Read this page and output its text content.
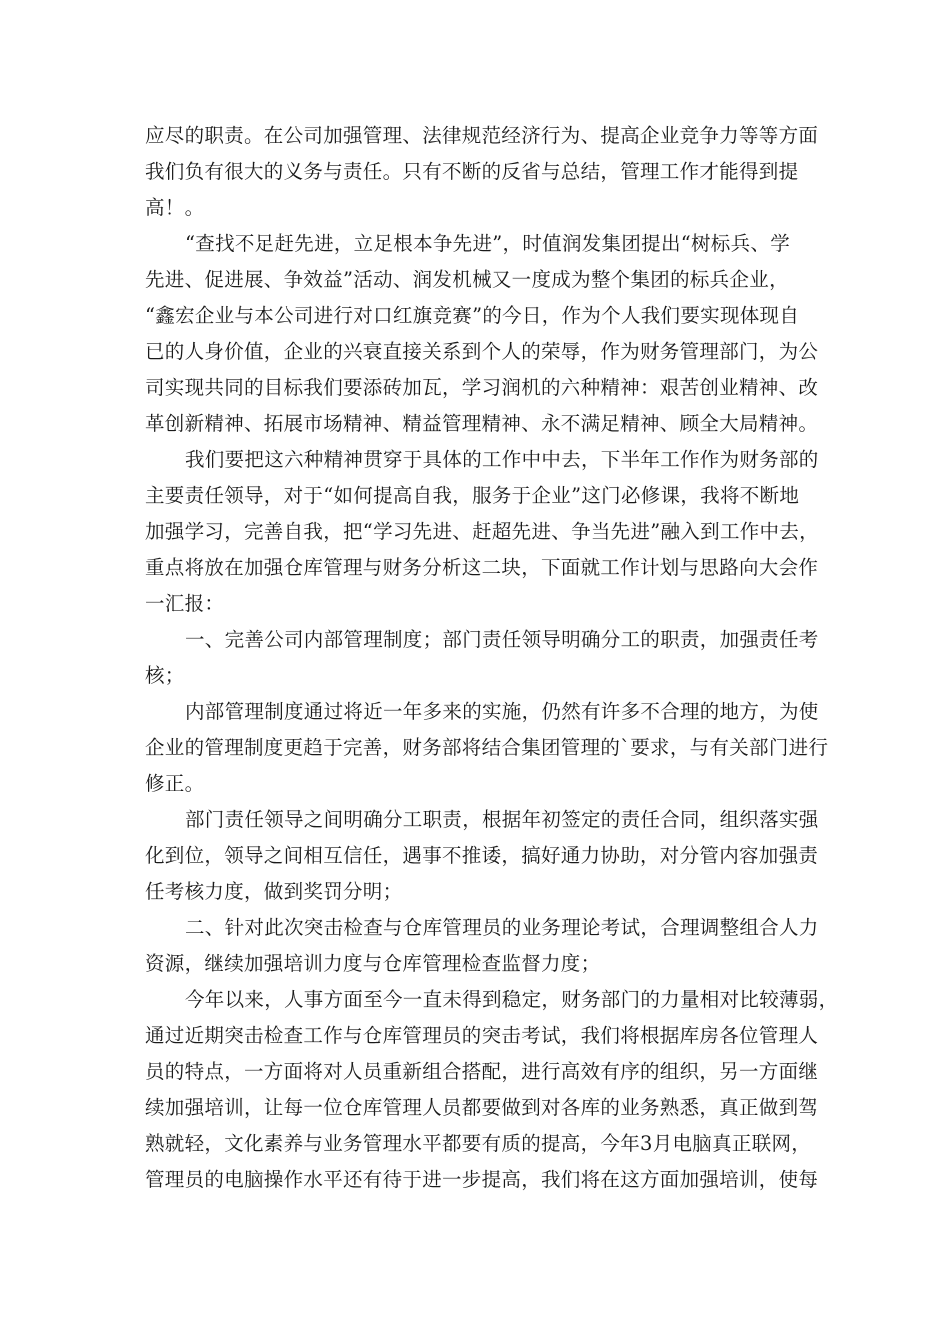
应尽的职责。在公司加强管理、法律规范经济行为、提高企业竞争力等等方面
我们负有很大的义务与责任。只有不断的反省与总结，管理工作才能得到提
高！。
“查找不足赶先进，立足根本争先进”，时值润发集团提出“树标兵、学
先进、促进展、争效益”活动、润发机械又一度成为整个集团的标兵企业，
“鑫宏企业与本公司进行对口红旗竞赛”的今日，作为个人我们要实现体现自
已的人身价值，企业的兴衰直接关系到个人的荣辱，作为财务管理部门，为公
司实现共同的目标我们要添砖加瓦，学习润机的六种精神：艰苦创业精神、改
革创新精神、拓展市场精神、精益管理精神、永不满足精神、顾全大局精神。
我们要把这六种精神贯穿于具体的工作中中去，下半年工作作为财务部的
主要责任领导，对于“如何提高自我，服务于企业”这门必修课，我将不断地
加强学习，完善自我，把“学习先进、赶超先进、争当先进”融入到工作中去，
重点将放在加强仓库管理与财务分析这二块，下面就工作计划与思路向大会作
一汇报：
一、完善公司内部管理制度；部门责任领导明确分工的职责，加强责任考
核；
内部管理制度通过将近一年多来的实施，仍然有许多不合理的地方，为使
企业的管理制度更趋于完善，财务部将结合集团管理的`要求，与有关部门进行
修正。
部门责任领导之间明确分工职责，根据年初签定的责任合同，组织落实强
化到位，领导之间相互信任，遇事不推诿，搞好通力协助，对分管内容加强责
任考核力度，做到奖罚分明；
二、针对此次突击检查与仓库管理员的业务理论考试，合理调整组合人力
资源，继续加强培训力度与仓库管理检查监督力度；
今年以来，人事方面至今一直未得到稳定，财务部门的力量相对比较薄弱，
通过近期突击检查工作与仓库管理员的突击考试，我们将根据库房各位管理人
员的特点，一方面将对人员重新组合搭配，进行高效有序的组织，另一方面继
续加强培训，让每一位仓库管理人员都要做到对各库的业务熟悉，真正做到驾
熟就轻，文化素养与业务管理水平都要有质的提高，今年3月电脑真正联网，
管理员的电脑操作水平还有待于进一步提高，我们将在这方面加强培训，使每
